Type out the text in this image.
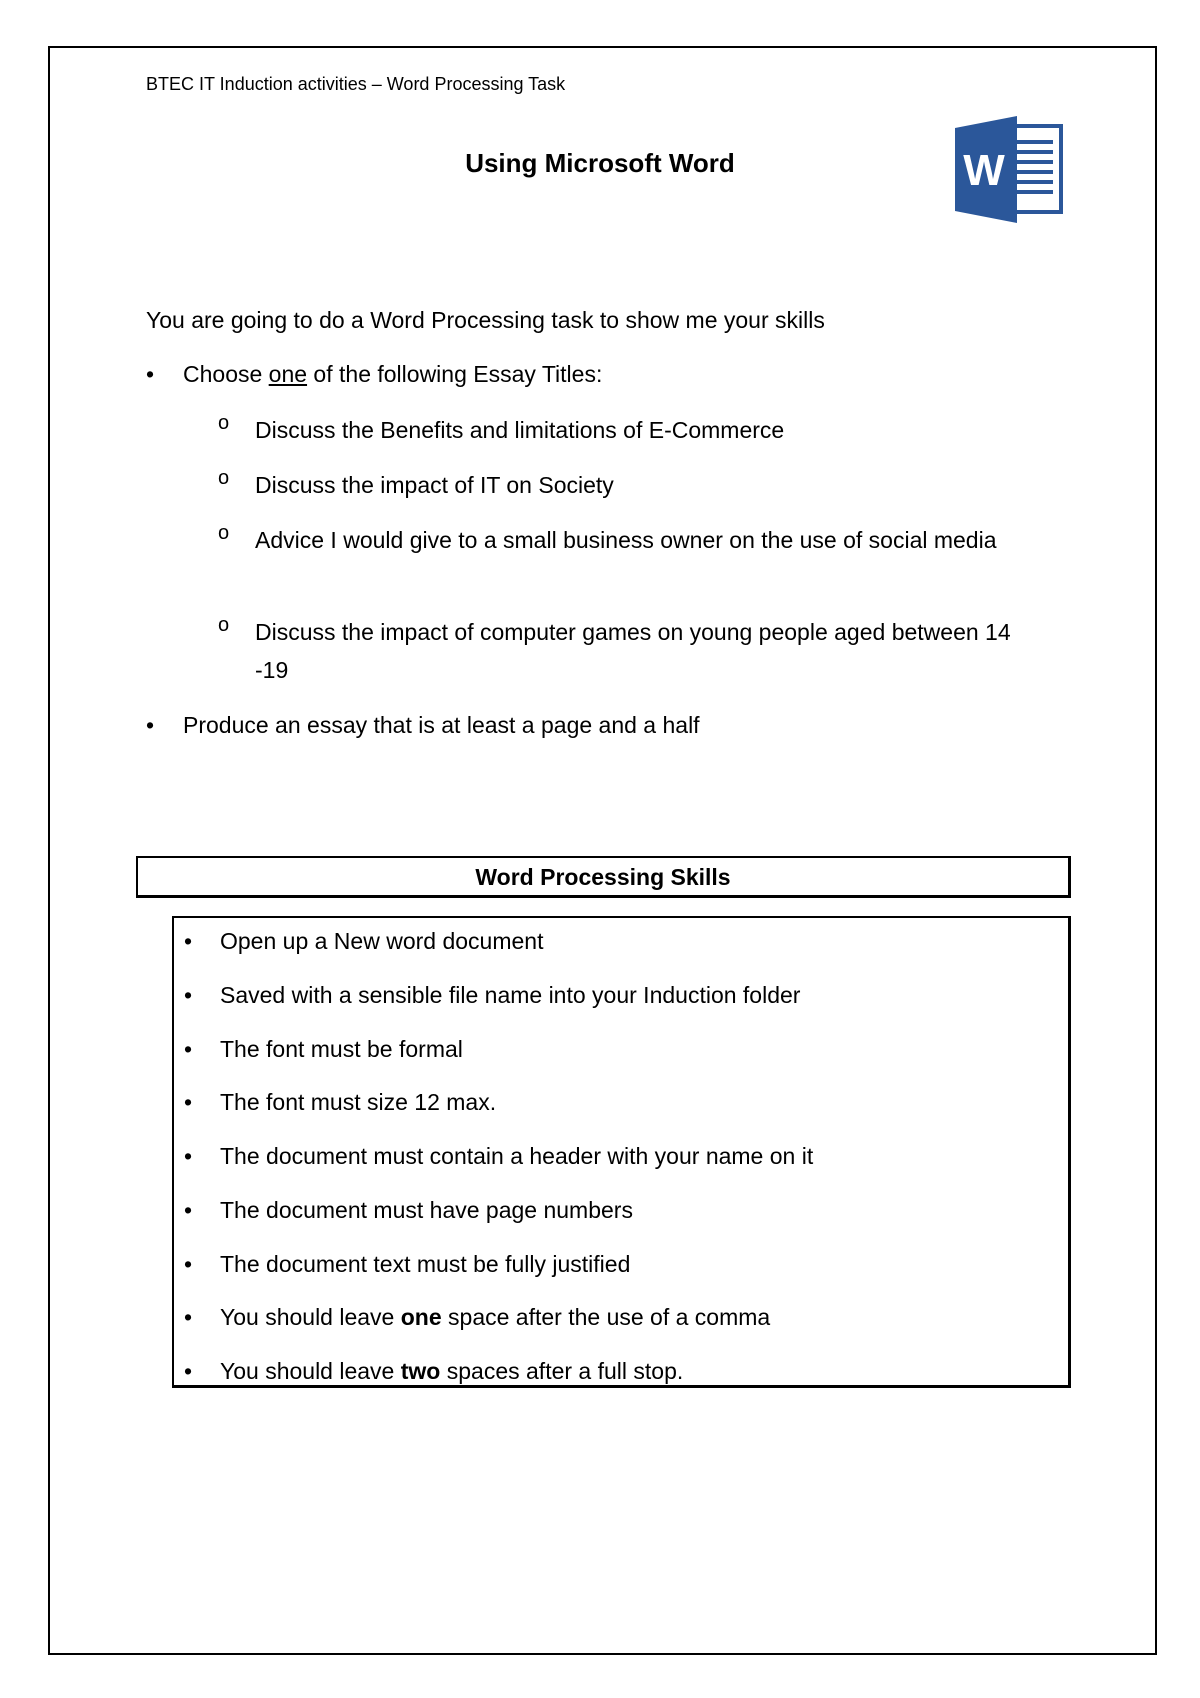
BTEC IT Induction activities – Word Processing Task
Using Microsoft Word	W
You are going to do a Word Processing task to show me your skills
• Choose one of the following Essay Titles:
o Discuss the Benefits and limitations of E-Commerce
o Discuss the impact of IT on Society
o Advice I would give to a small business owner on the use of social media
o Discuss the impact of computer games on young people aged between 14 -19
• Produce an essay that is at least a page and a half
Word Processing Skills
• Open up a New word document
• Saved with a sensible file name into your Induction folder
• The font must be formal
• The font must size 12 max.
• The document must contain a header with your name on it
• The document must have page numbers
• The document text must be fully justified
• You should leave one space after the use of a comma
• You should leave two spaces after a full stop.
